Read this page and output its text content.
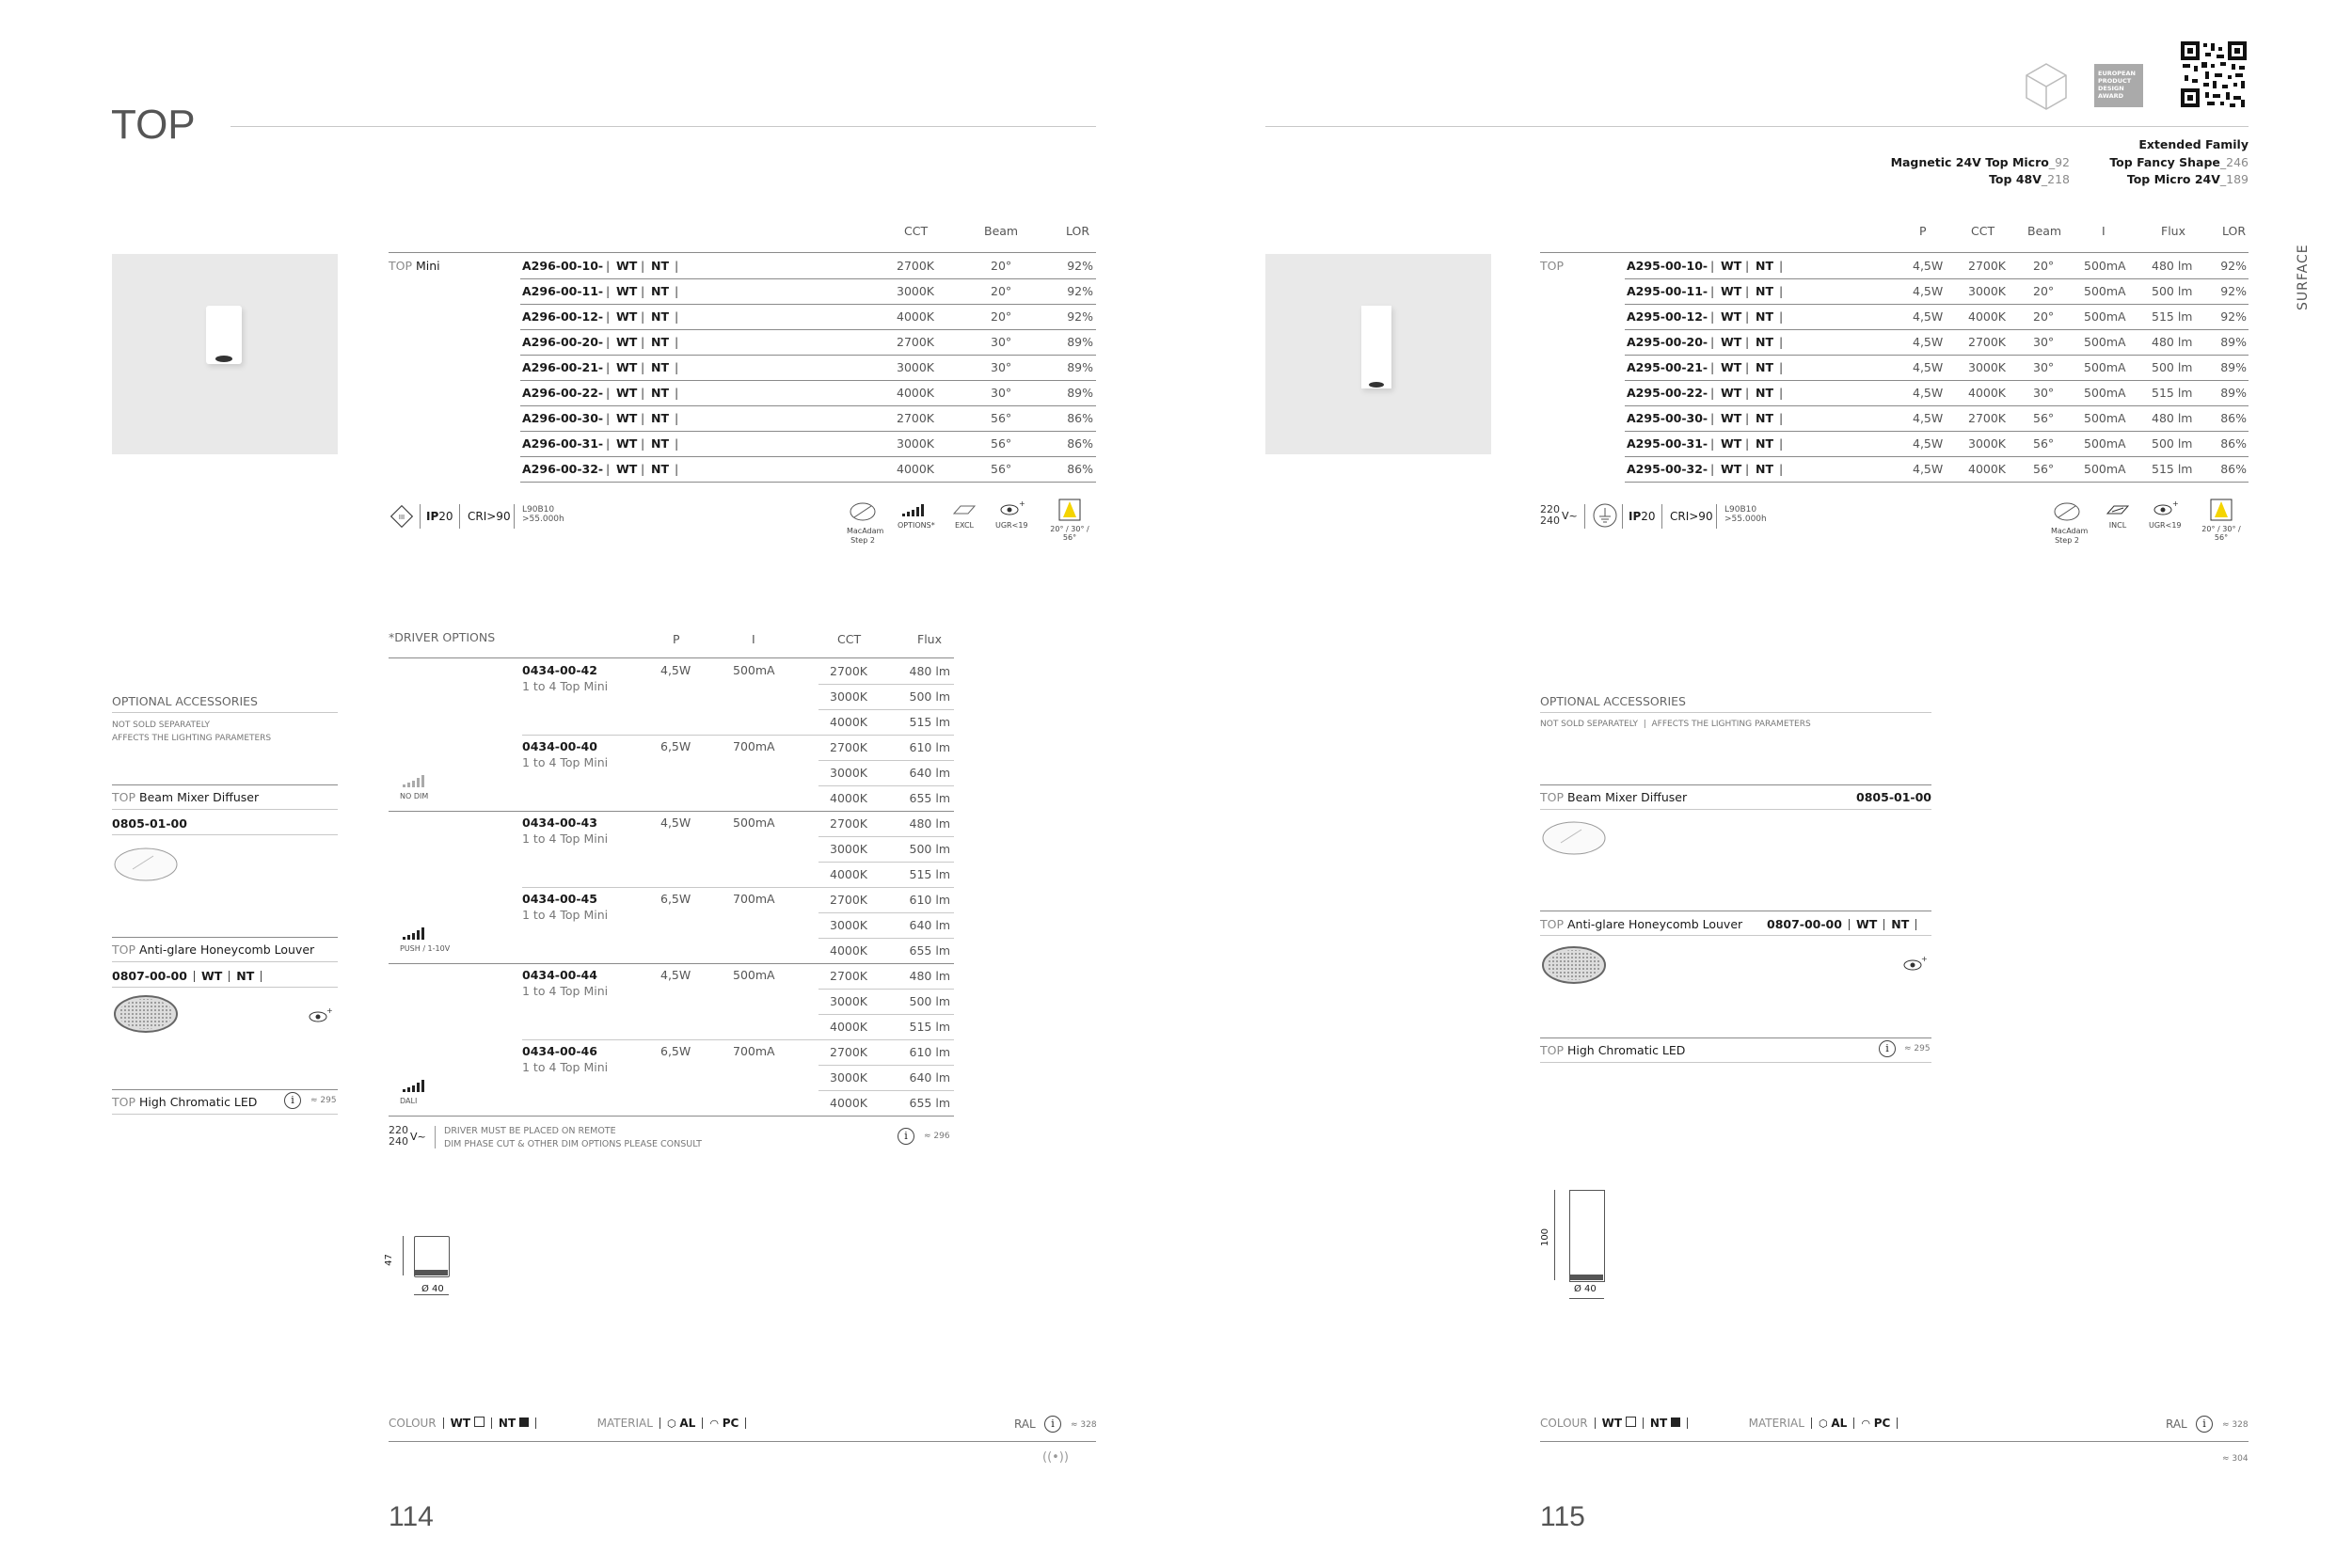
TOP
CCT	Beam	LOR
TOP Mini	A296-00-10- | WT | NT |	2700K	20°	92%
A296-00-11- | WT | NT |	3000K	20°	92%
A296-00-12- | WT | NT |	4000K	20°	92%
A296-00-20- | WT | NT |	2700K	30°	89%
A296-00-21- | WT | NT |	3000K	30°	89%
A296-00-22- | WT | NT |	4000K	30°	89%
A296-00-30- | WT | NT |	2700K	56°	86%
A296-00-31- | WT | NT |	3000K	56°	86%
A296-00-32- | WT | NT |	4000K	56°	86%
III IP20 CRI>90 L90B10
>55.000h
MacAdam
Step 2
OPTIONS*	EXCL
+
UGR<19	20° / 30° / 56°
*DRIVER OPTIONS	P	I	CCT	Flux
0434-00-42
1 to 4 Top Mini
4,5W	500mA	2700K	480 lm
3000K	500 lm
4000K	515 lm
0434-00-40
1 to 4 Top Mini
6,5W	700mA	2700K	610 lm
3000K	640 lm
4000K	655 lm
NO DIM
0434-00-43
1 to 4 Top Mini
4,5W	500mA	2700K	480 lm
3000K	500 lm
4000K	515 lm
0434-00-45
1 to 4 Top Mini
6,5W	700mA	2700K	610 lm
3000K	640 lm
4000K	655 lm
PUSH / 1-10V
0434-00-44
1 to 4 Top Mini
4,5W	500mA	2700K	480 lm
3000K	500 lm
4000K	515 lm
0434-00-46
1 to 4 Top Mini
6,5W	700mA	2700K	610 lm
3000K	640 lm
4000K	655 lm
DALI
220
240 V~ DRIVER MUST BE PLACED ON REMOTE
DIM PHASE CUT & OTHER DIM OPTIONS PLEASE CONSULT
i	≈ 296
OPTIONAL ACCESSORIES
NOT SOLD SEPARATELY
AFFECTS THE LIGHTING PARAMETERS
TOP Beam Mixer Diffuser
0805-01-00
TOP Anti-glare Honeycomb Louver
0807-00-00 WT NT
+
TOP High Chromatic LED	i	≈ 295
47
Ø 40
COLOUR WT NT	MATERIAL ⬡ AL ◠ PC	RAL	i	≈ 328
((•))
114
EUROPEAN PRODUCT DESIGN AWARD
Extended Family
Magnetic 24V Top Micro_92
Top 48V_218
Top Fancy Shape_246
Top Micro 24V_189
SURFACE
P	CCT	Beam	I	Flux	LOR
TOP	A295-00-10- | WT | NT |	4,5W 2700K 20°	500mA 480 lm 92%
A295-00-11- | WT | NT |	4,5W 3000K 20°	500mA 500 lm 92%
A295-00-12- | WT | NT |	4,5W 4000K 20°	500mA 515 lm 92%
A295-00-20- | WT | NT |	4,5W 2700K 30°	500mA 480 lm 89%
A295-00-21- | WT | NT |	4,5W 3000K 30°	500mA 500 lm 89%
A295-00-22- | WT | NT |	4,5W 4000K 30°	500mA 515 lm 89%
A295-00-30- | WT | NT |	4,5W 2700K 56°	500mA 480 lm 86%
A295-00-31- | WT | NT |	4,5W 3000K 56°	500mA 500 lm 86%
A295-00-32- | WT | NT |	4,5W 4000K 56°	500mA 515 lm 86%
220
240 V~	IP20 CRI>90 L90B10
>55.000h
MacAdam
Step 2
INCL
+
UGR<19	20° / 30° / 56°
OPTIONAL ACCESSORIES
NOT SOLD SEPARATELY  |  AFFECTS THE LIGHTING PARAMETERS
TOP Beam Mixer Diffuser	0805-01-00
TOP Anti-glare Honeycomb Louver 0807-00-00 WT NT
+
TOP High Chromatic LED	i	≈ 295
100
Ø 40
COLOUR WT NT	MATERIAL ⬡ AL ◠ PC	RAL	i	≈ 328
≈ 304
115
